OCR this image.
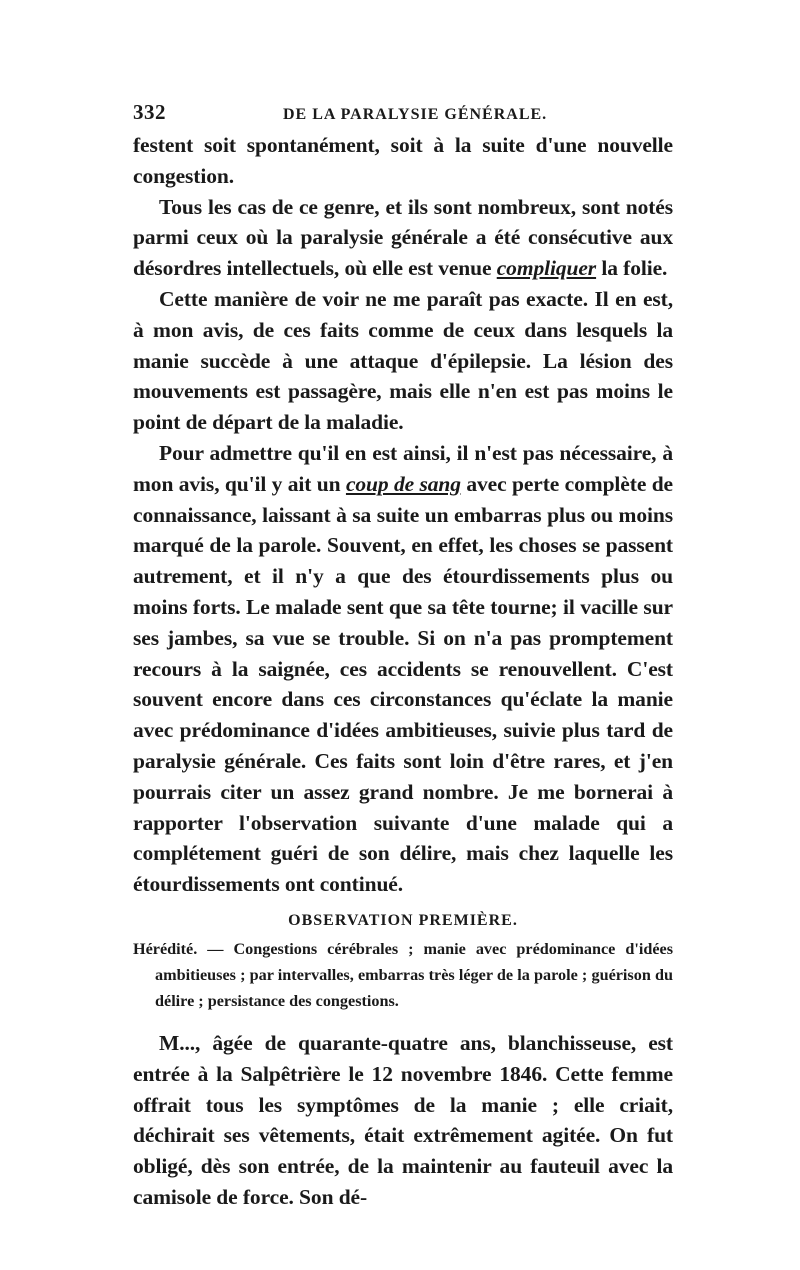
332	DE LA PARALYSIE GÉNÉRALE.

festent soit spontanément, soit à la suite d'une nouvelle congestion.

Tous les cas de ce genre, et ils sont nombreux, sont notés parmi ceux où la paralysie générale a été consécutive aux désordres intellectuels, où elle est venue compliquer la folie.

Cette manière de voir ne me paraît pas exacte. Il en est, à mon avis, de ces faits comme de ceux dans lesquels la manie succède à une attaque d'épilepsie. La lésion des mouvements est passagère, mais elle n'en est pas moins le point de départ de la maladie.

Pour admettre qu'il en est ainsi, il n'est pas nécessaire, à mon avis, qu'il y ait un coup de sang avec perte complète de connaissance, laissant à sa suite un embarras plus ou moins marqué de la parole. Souvent, en effet, les choses se passent autrement, et il n'y a que des étourdissements plus ou moins forts. Le malade sent que sa tête tourne; il vacille sur ses jambes, sa vue se trouble. Si on n'a pas promptement recours à la saignée, ces accidents se renouvellent. C'est souvent encore dans ces circonstances qu'éclate la manie avec prédominance d'idées ambitieuses, suivie plus tard de paralysie générale. Ces faits sont loin d'être rares, et j'en pourrais citer un assez grand nombre. Je me bornerai à rapporter l'observation suivante d'une malade qui a complétement guéri de son délire, mais chez laquelle les étourdissements ont continué.

OBSERVATION PREMIÈRE.

Hérédité. — Congestions cérébrales ; manie avec prédominance d'idées ambitieuses ; par intervalles, embarras très léger de la parole ; guérison du délire ; persistance des congestions.

M..., âgée de quarante-quatre ans, blanchisseuse, est entrée à la Salpêtrière le 12 novembre 1846. Cette femme offrait tous les symptômes de la manie ; elle criait, déchirait ses vêtements, était extrêmement agitée. On fut obligé, dès son entrée, de la maintenir au fauteuil avec la camisole de force. Son dé-
